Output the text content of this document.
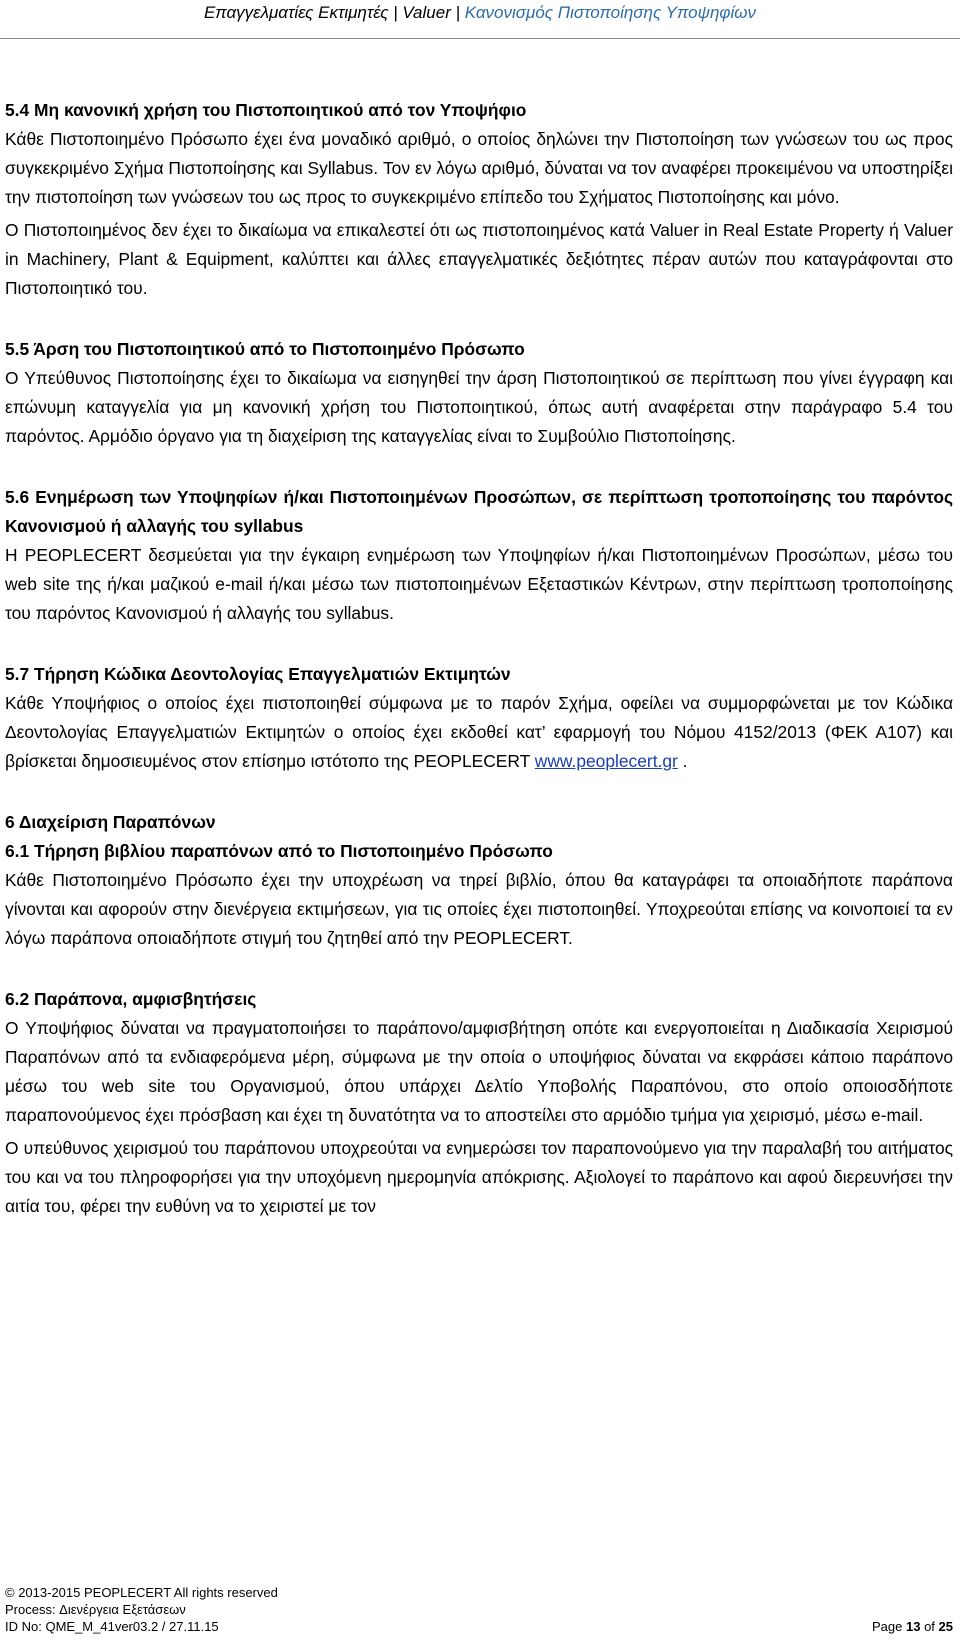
Επαγγελματίες Εκτιμητές | Valuer | Κανονισμός Πιστοποίησης Υποψηφίων
5.4 Μη κανονική χρήση του Πιστοποιητικού από τον Υποψήφιο

Κάθε Πιστοποιημένο Πρόσωπο έχει ένα μοναδικό αριθμό, ο οποίος δηλώνει την Πιστοποίηση των γνώσεων του ως προς συγκεκριμένο Σχήμα Πιστοποίησης και Syllabus. Τον εν λόγω αριθμό, δύναται να τον αναφέρει προκειμένου να υποστηρίξει την πιστοποίηση των γνώσεων του ως προς το συγκεκριμένο επίπεδο του Σχήματος Πιστοποίησης και μόνο.

Ο Πιστοποιημένος δεν έχει το δικαίωμα να επικαλεστεί ότι ως πιστοποιημένος κατά Valuer in Real Estate Property ή Valuer in Machinery, Plant & Equipment, καλύπτει και άλλες επαγγελματικές δεξιότητες πέραν αυτών που καταγράφονται στο Πιστοποιητικό του.

5.5 Άρση του Πιστοποιητικού από το Πιστοποιημένο Πρόσωπο

Ο Υπεύθυνος Πιστοποίησης έχει το δικαίωμα να εισηγηθεί την άρση Πιστοποιητικού σε περίπτωση που γίνει έγγραφη και επώνυμη καταγγελία για μη κανονική χρήση του Πιστοποιητικού, όπως αυτή αναφέρεται στην παράγραφο 5.4 του παρόντος. Αρμόδιο όργανο για τη διαχείριση της καταγγελίας είναι το Συμβούλιο Πιστοποίησης.

5.6 Ενημέρωση των Υποψηφίων ή/και Πιστοποιημένων Προσώπων, σε περίπτωση τροποποίησης του παρόντος Κανονισμού ή αλλαγής του syllabus

Η PEOPLECERT δεσμεύεται για την έγκαιρη ενημέρωση των Υποψηφίων ή/και Πιστοποιημένων Προσώπων, μέσω του web site της ή/και μαζικού e-mail ή/και μέσω των πιστοποιημένων Εξεταστικών Κέντρων, στην περίπτωση τροποποίησης του παρόντος Κανονισμού ή αλλαγής του syllabus.

5.7 Τήρηση Κώδικα Δεοντολογίας Επαγγελματιών Εκτιμητών

Κάθε Υποψήφιος ο οποίος έχει πιστοποιηθεί σύμφωνα με το παρόν Σχήμα, οφείλει να συμμορφώνεται με τον Κώδικα Δεοντολογίας Επαγγελματιών Εκτιμητών ο οποίος έχει εκδοθεί κατ’ εφαρμογή του Νόμου 4152/2013 (ΦΕΚ Α107) και βρίσκεται δημοσιευμένος στον επίσημο ιστότοπο της PEOPLECERT www.peoplecert.gr .

6 Διαχείριση Παραπόνων
6.1 Τήρηση βιβλίου παραπόνων από το Πιστοποιημένο Πρόσωπο

Κάθε Πιστοποιημένο Πρόσωπο έχει την υποχρέωση να τηρεί βιβλίο, όπου θα καταγράφει τα οποιαδήποτε παράπονα γίνονται και αφορούν στην διενέργεια εκτιμήσεων, για τις οποίες έχει πιστοποιηθεί. Υποχρεούται επίσης να κοινοποιεί τα εν λόγω παράπονα οποιαδήποτε στιγμή του ζητηθεί από την PEOPLECERT.

6.2 Παράπονα, αμφισβητήσεις

Ο Υποψήφιος δύναται να πραγματοποιήσει το παράπονο/αμφισβήτηση οπότε και ενεργοποιείται η Διαδικασία Χειρισμού Παραπόνων από τα ενδιαφερόμενα μέρη, σύμφωνα με την οποία ο υποψήφιος δύναται να εκφράσει κάποιο παράπονο μέσω του web site του Οργανισμού, όπου υπάρχει Δελτίο Υποβολής Παραπόνου, στο οποίο οποιοσδήποτε παραπονούμενος έχει πρόσβαση και έχει τη δυνατότητα να το αποστείλει στο αρμόδιο τμήμα για χειρισμό, μέσω e-mail.

Ο υπεύθυνος χειρισμού του παράπονου υποχρεούται να ενημερώσει τον παραπονούμενο για την παραλαβή του αιτήματος του και να του πληροφορήσει για την υποχόμενη ημερομηνία απόκρισης. Αξιολογεί το παράπονο και αφού διερευνήσει την αιτία του, φέρει την ευθύνη να το χειριστεί με τον

© 2013-2015 PEOPLECERT All rights reserved
Process: Διενέργεια Εξετάσεων
ID No: QME_M_41ver03.2 / 27.11.15	Page 13 of 25
